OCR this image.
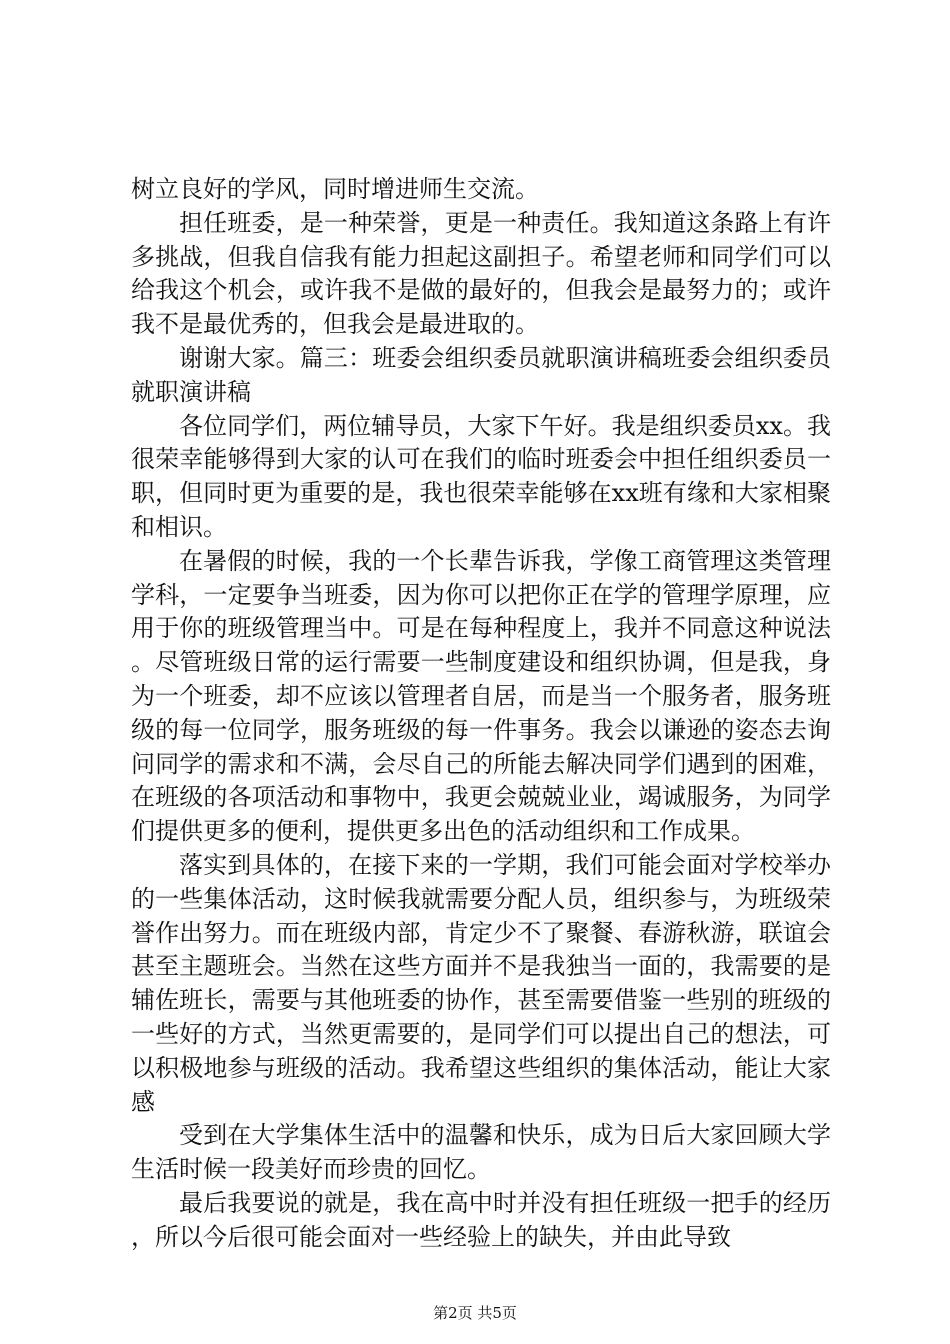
树立良好的学风，同时增进师生交流。

担任班委，是一种荣誉，更是一种责任。我知道这条路上有许多挑战，但我自信我有能力担起这副担子。希望老师和同学们可以给我这个机会，或许我不是做的最好的，但我会是最努力的；或许我不是最优秀的，但我会是最进取的。

谢谢大家。篇三：班委会组织委员就职演讲稿班委会组织委员就职演讲稿

各位同学们，两位辅导员，大家下午好。我是组织委员xx。我很荣幸能够得到大家的认可在我们的临时班委会中担任组织委员一职，但同时更为重要的是，我也很荣幸能够在xx班有缘和大家相聚和相识。

在暑假的时候，我的一个长辈告诉我，学像工商管理这类管理学科，一定要争当班委，因为你可以把你正在学的管理学原理，应用于你的班级管理当中。可是在每种程度上，我并不同意这种说法。尽管班级日常的运行需要一些制度建设和组织协调，但是我，身为一个班委，却不应该以管理者自居，而是当一个服务者，服务班级的每一位同学，服务班级的每一件事务。我会以谦逊的姿态去询问同学的需求和不满，会尽自己的所能去解决同学们遇到的困难，在班级的各项活动和事物中，我更会兢兢业业，竭诚服务，为同学们提供更多的便利，提供更多出色的活动组织和工作成果。

落实到具体的，在接下来的一学期，我们可能会面对学校举办的一些集体活动，这时候我就需要分配人员，组织参与，为班级荣誉作出努力。而在班级内部，肯定少不了聚餐、春游秋游，联谊会甚至主题班会。当然在这些方面并不是我独当一面的，我需要的是辅佐班长，需要与其他班委的协作，甚至需要借鉴一些别的班级的一些好的方式，当然更需要的，是同学们可以提出自己的想法，可以积极地参与班级的活动。我希望这些组织的集体活动，能让大家感

受到在大学集体生活中的温馨和快乐，成为日后大家回顾大学生活时候一段美好而珍贵的回忆。

最后我要说的就是，我在高中时并没有担任班级一把手的经历，所以今后很可能会面对一些经验上的缺失，并由此导致

第2页 共5页
